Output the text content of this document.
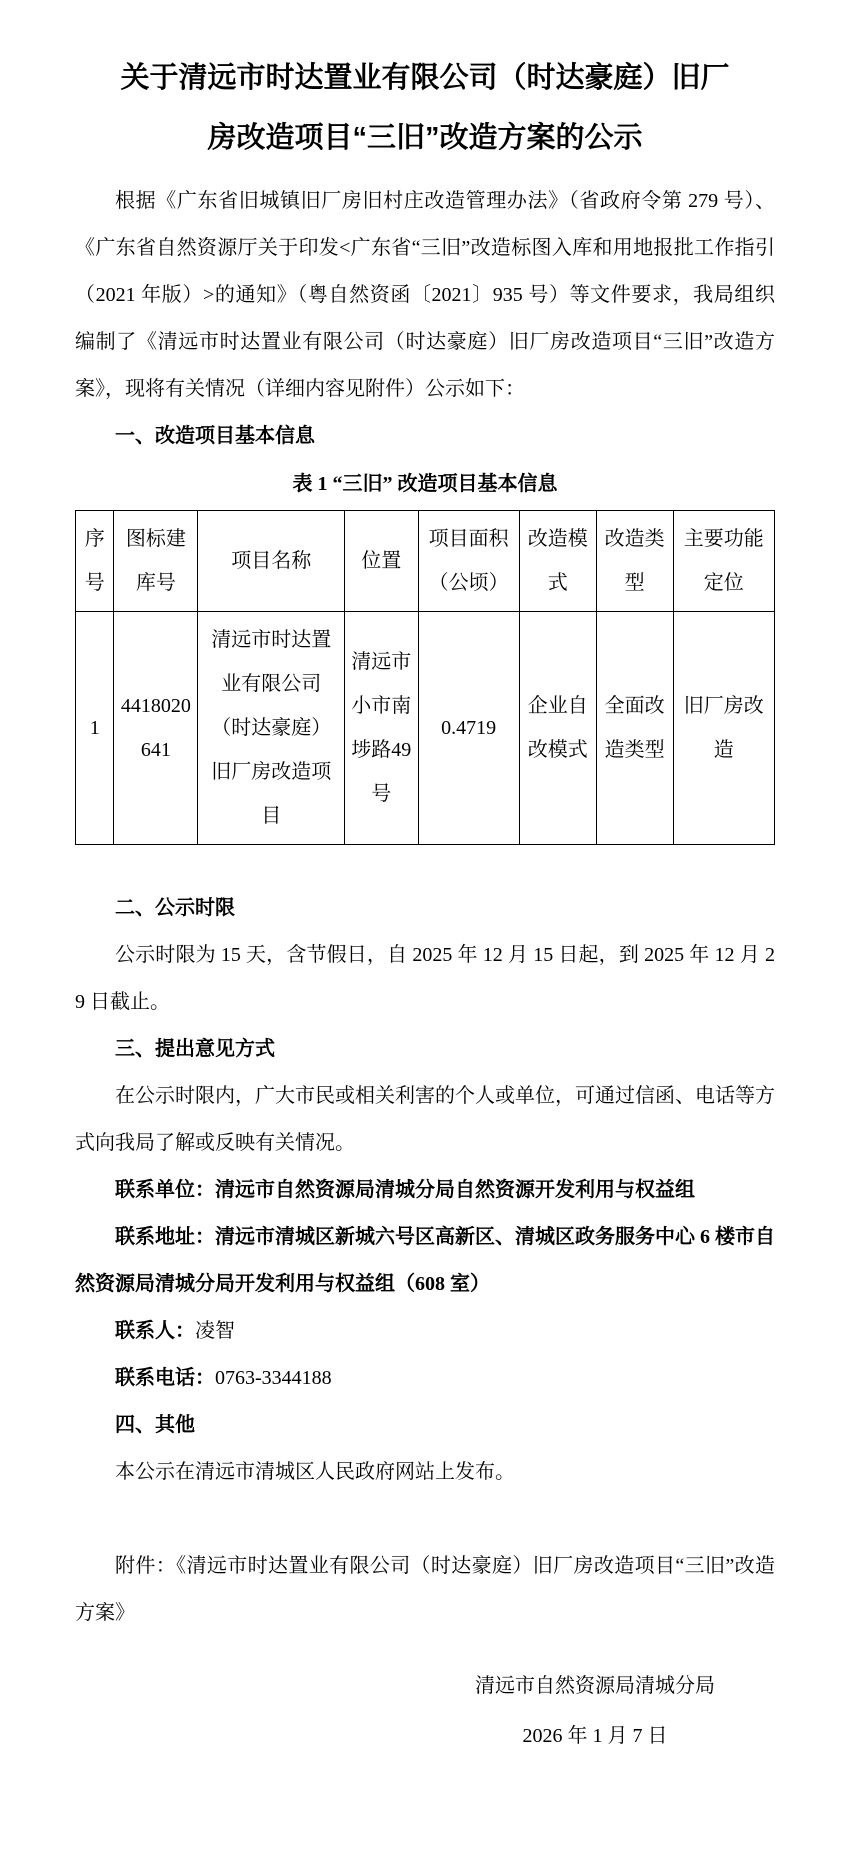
关于清远市时达置业有限公司（时达豪庭）旧厂
房改造项目“三旧”改造方案的公示

根据《广东省旧城镇旧厂房旧村庄改造管理办法》（省政府令第 279 号）、《广东省自然资源厅关于印发<广东省“三旧”改造标图入库和用地报批工作指引（2021 年版）>的通知》（粤自然资函〔2021〕935 号）等文件要求，我局组织编制了《清远市时达置业有限公司（时达豪庭）旧厂房改造项目“三旧”改造方案》，现将有关情况（详细内容见附件）公示如下：

一、改造项目基本信息

表 1 “三旧” 改造项目基本信息

序号	图标建库号	项目名称	位置	项目面积（公顷）	改造模式	改造类型	主要功能定位
1	4418020641	清远市时达置业有限公司（时达豪庭）旧厂房改造项目	清远市小市南埗路49号	0.4719	企业自改模式	全面改造类型	旧厂房改造

二、公示时限

公示时限为 15 天，含节假日，自 2025 年 12 月 15 日起，到 2025 年 12 月 29 日截止。

三、提出意见方式

在公示时限内，广大市民或相关利害的个人或单位，可通过信函、电话等方式向我局了解或反映有关情况。

联系单位：清远市自然资源局清城分局自然资源开发利用与权益组

联系地址：清远市清城区新城六号区高新区、清城区政务服务中心 6 楼市自然资源局清城分局开发利用与权益组（608 室）

联系人：凌智

联系电话：0763-3344188

四、其他

本公示在清远市清城区人民政府网站上发布。

附件：《清远市时达置业有限公司（时达豪庭）旧厂房改造项目“三旧”改造方案》

清远市自然资源局清城分局

2026 年 1 月 7 日
